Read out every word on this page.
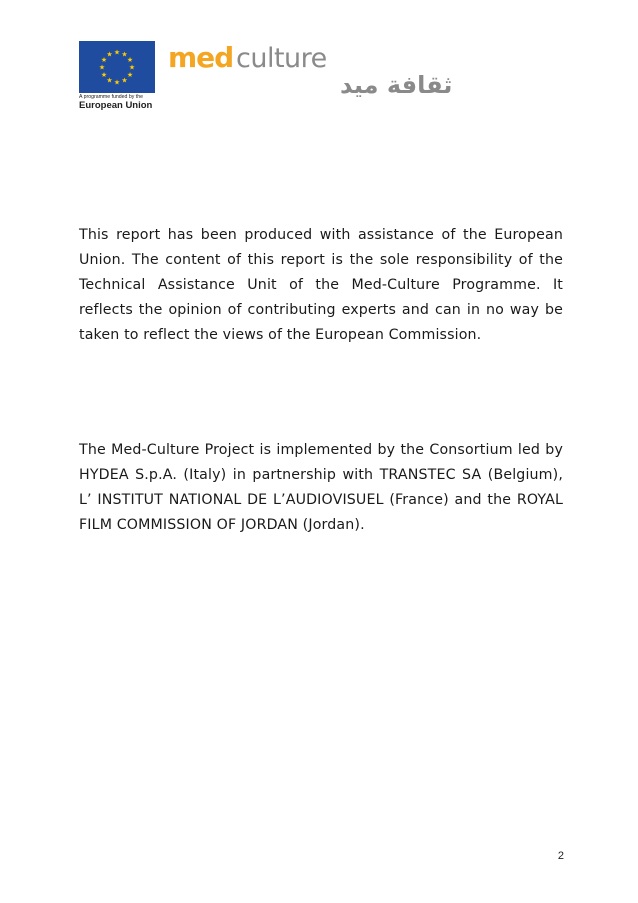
★ ★
★
★
★
★
★
★
★
★
★
★
A programme funded by the
European Union
med culture
ثقافة ميد

This report has been produced with assistance of the European Union. The content of this report is the sole responsibility of the Technical Assistance Unit of the Med-Culture Programme. It reflects the opinion of contributing experts and can in no way be taken to reflect the views of the European Commission.

The Med-Culture Project is implemented by the Consortium led by HYDEA S.p.A. (Italy) in partnership with TRANSTEC SA (Belgium), L’ INSTITUT NATIONAL DE L’AUDIOVISUEL (France) and the ROYAL FILM COMMISSION OF JORDAN (Jordan).

2
